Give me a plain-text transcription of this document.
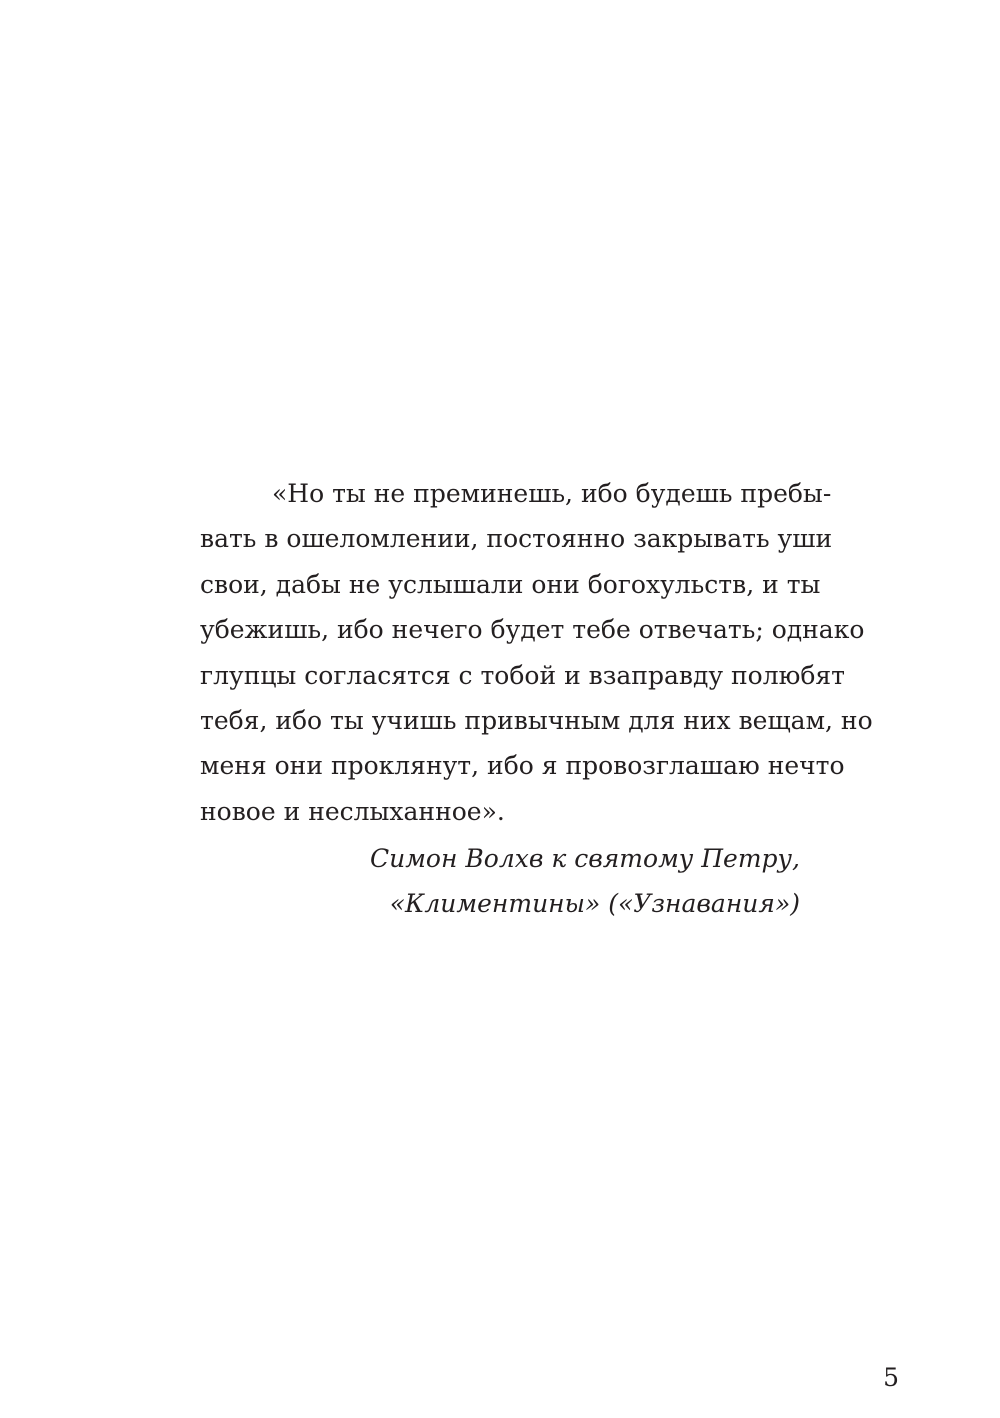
«Но ты не преминешь, ибо будешь пребы-
вать в ошеломлении, постоянно закрывать уши
свои, дабы не услышали они богохульств, и ты
убежишь, ибо нечего будет тебе отвечать; однако
глупцы согласятся с тобой и взаправду полюбят
тебя, ибо ты учишь привычным для них вещам, но
меня они проклянут, ибо я провозглашаю нечто
новое и неслыханное».
Симон Волхв к святому Петру,
«Климентины» («Узнавания»)
5
